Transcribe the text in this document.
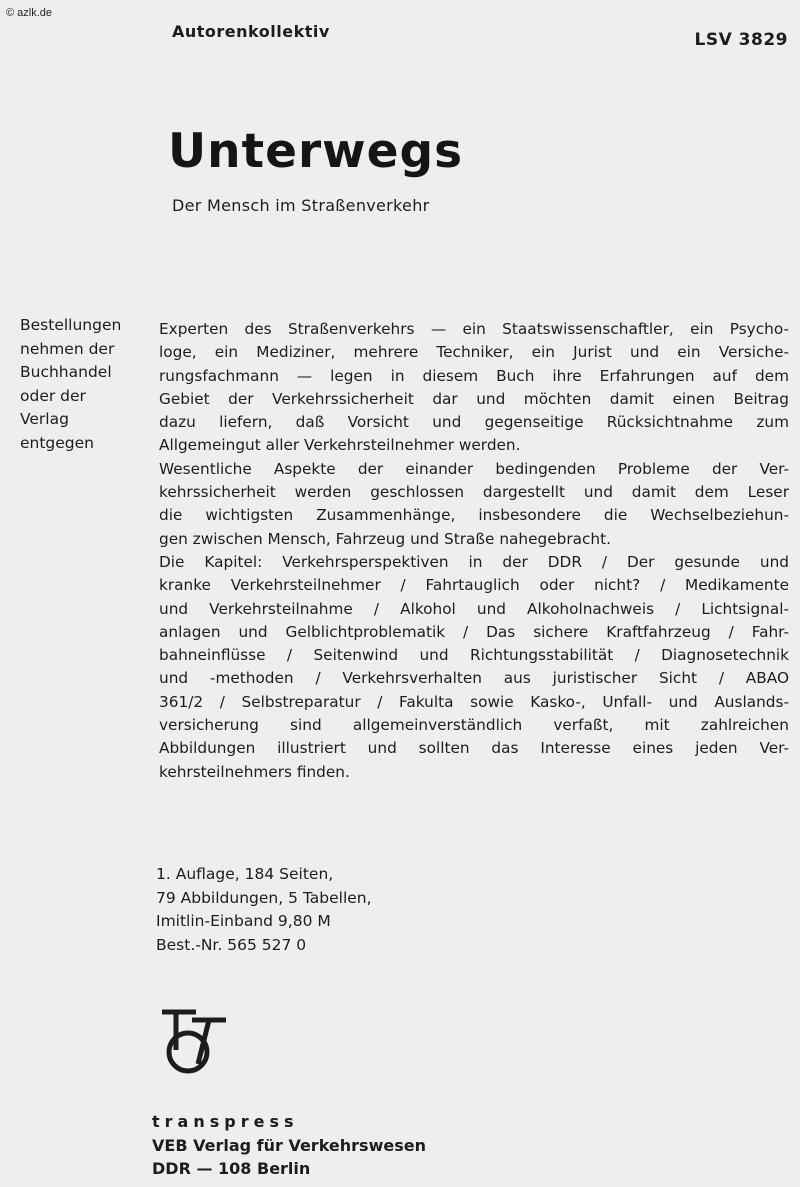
© azlk.de
Autorenkollektiv	LSV 3829
Unterwegs
Der Mensch im Straßenverkehr
Bestellungen
nehmen der
Buchhandel
oder der
Verlag
entgegen
Experten des Straßenverkehrs — ein Staatswissenschaftler, ein Psycho-
loge, ein Mediziner, mehrere Techniker, ein Jurist und ein Versiche-
rungsfachmann — legen in diesem Buch ihre Erfahrungen auf dem
Gebiet der Verkehrssicherheit dar und möchten damit einen Beitrag
dazu liefern, daß Vorsicht und gegenseitige Rücksichtnahme zum
Allgemeingut aller Verkehrsteilnehmer werden.
Wesentliche Aspekte der einander bedingenden Probleme der Ver-
kehrssicherheit werden geschlossen dargestellt und damit dem Leser
die wichtigsten Zusammenhänge, insbesondere die Wechselbeziehun-
gen zwischen Mensch, Fahrzeug und Straße nahegebracht.
Die Kapitel: Verkehrsperspektiven in der DDR / Der gesunde und
kranke Verkehrsteilnehmer / Fahrtauglich oder nicht? / Medikamente
und Verkehrsteilnahme / Alkohol und Alkoholnachweis / Lichtsignal-
anlagen und Gelblichtproblematik / Das sichere Kraftfahrzeug / Fahr-
bahneinflüsse / Seitenwind und Richtungsstabilität / Diagnosetechnik
und -methoden / Verkehrsverhalten aus juristischer Sicht / ABAO
361/2 / Selbstreparatur / Fakulta sowie Kasko-, Unfall- und Auslands-
versicherung sind allgemeinverständlich verfaßt, mit zahlreichen
Abbildungen illustriert und sollten das Interesse eines jeden Ver-
kehrsteilnehmers finden.
1. Auflage, 184 Seiten,
79 Abbildungen, 5 Tabellen,
Imitlin-Einband 9,80 M
Best.-Nr. 565 527 0
transpress
VEB Verlag für Verkehrswesen
DDR — 108 Berlin
